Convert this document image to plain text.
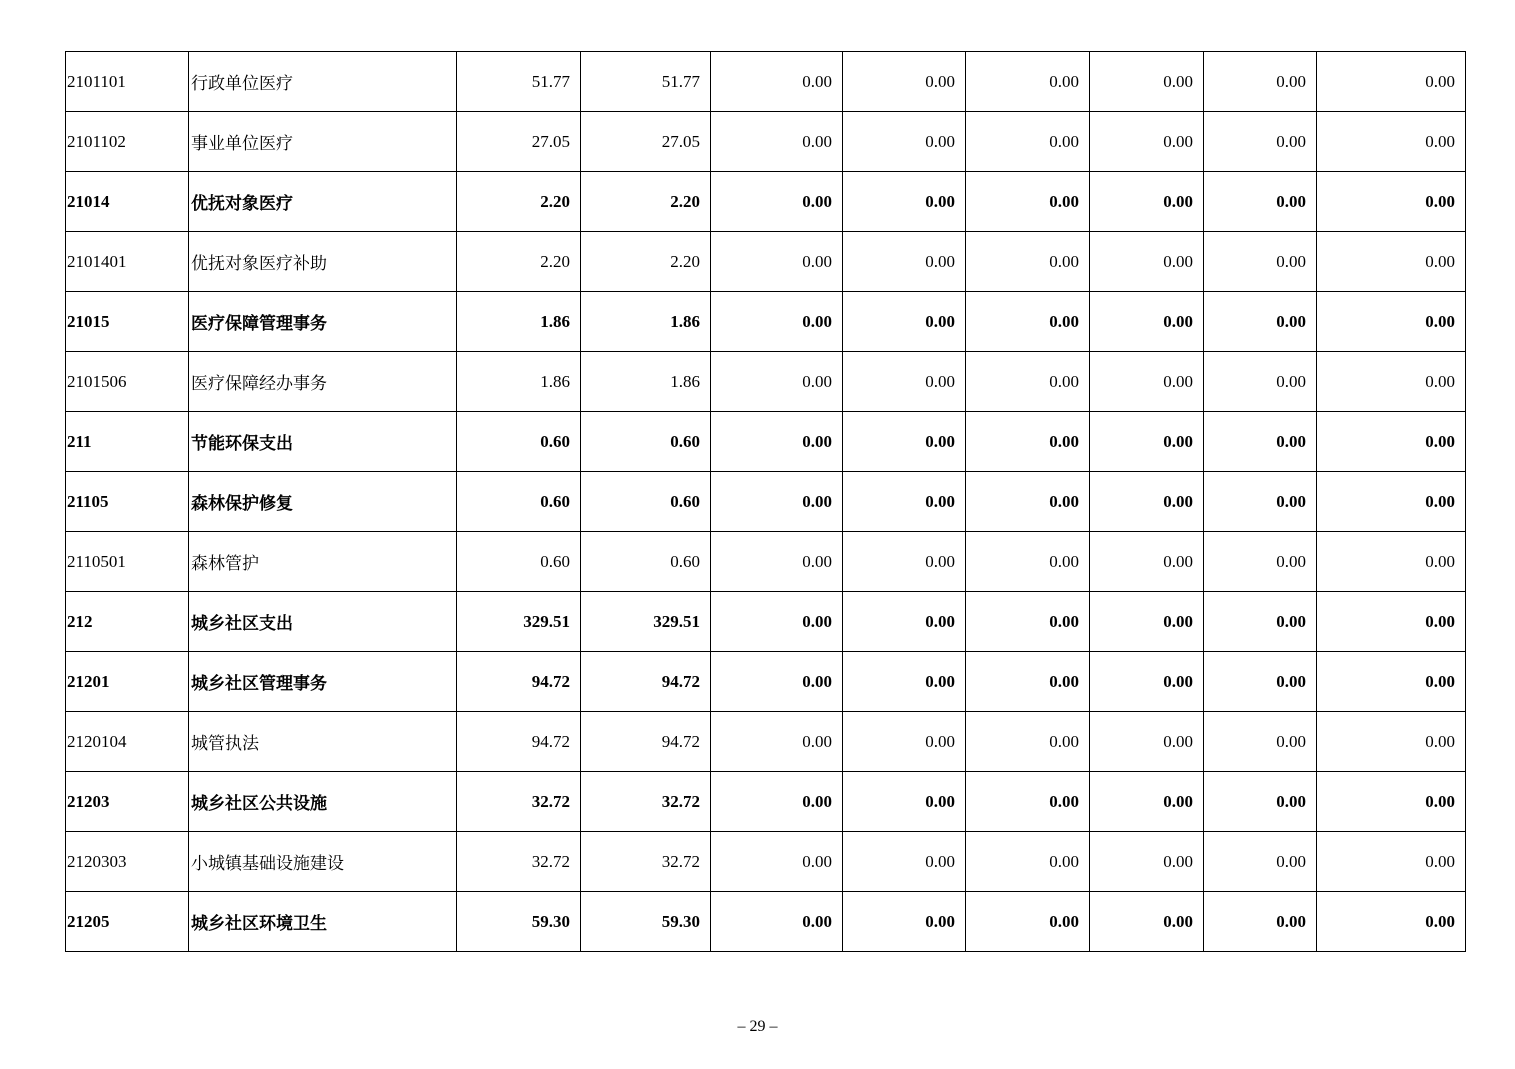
2101101	行政单位医疗	51.77	51.77	0.00	0.00	0.00	0.00	0.00	0.00
2101102	事业单位医疗	27.05	27.05	0.00	0.00	0.00	0.00	0.00	0.00
21014	优抚对象医疗	2.20	2.20	0.00	0.00	0.00	0.00	0.00	0.00
2101401	优抚对象医疗补助	2.20	2.20	0.00	0.00	0.00	0.00	0.00	0.00
21015	医疗保障管理事务	1.86	1.86	0.00	0.00	0.00	0.00	0.00	0.00
2101506	医疗保障经办事务	1.86	1.86	0.00	0.00	0.00	0.00	0.00	0.00
211	节能环保支出	0.60	0.60	0.00	0.00	0.00	0.00	0.00	0.00
21105	森林保护修复	0.60	0.60	0.00	0.00	0.00	0.00	0.00	0.00
2110501	森林管护	0.60	0.60	0.00	0.00	0.00	0.00	0.00	0.00
212	城乡社区支出	329.51	329.51	0.00	0.00	0.00	0.00	0.00	0.00
21201	城乡社区管理事务	94.72	94.72	0.00	0.00	0.00	0.00	0.00	0.00
2120104	城管执法	94.72	94.72	0.00	0.00	0.00	0.00	0.00	0.00
21203	城乡社区公共设施	32.72	32.72	0.00	0.00	0.00	0.00	0.00	0.00
2120303	小城镇基础设施建设	32.72	32.72	0.00	0.00	0.00	0.00	0.00	0.00
21205	城乡社区环境卫生	59.30	59.30	0.00	0.00	0.00	0.00	0.00	0.00
– 29 –
